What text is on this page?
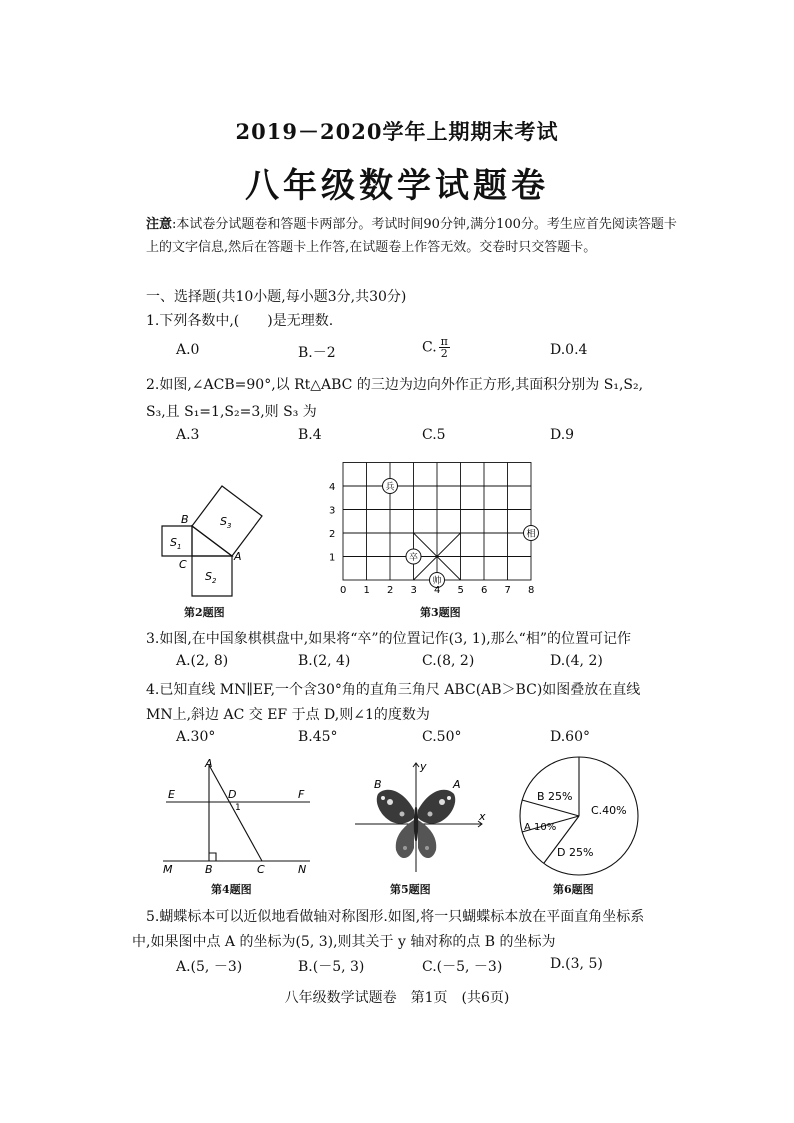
2019－2020学年上期期末考试
八年级数学试题卷
注意:本试卷分试题卷和答题卡两部分。考试时间90分钟,满分100分。考生应首先阅读答题卡上的文字信息,然后在答题卡上作答,在试题卷上作答无效。交卷时只交答题卡。
一、选择题(共10小题,每小题3分,共30分)
1.下列各数中,(　　)是无理数.
A.0	B.－2	C. $\frac{\pi}{2}$	D.0.4
2.如图,∠ACB=90°,以 Rt△ABC 的三边为边向外作正方形,其面积分别为 S₁,S₂,
S₃,且 S₁=1,S₂=3,则 S₃ 为
A.3	B.4	C.5	D.9
$S_1$
$S_2$
$S_3$
B
C
A
第2题图
兵
卒
帅
相
0 1 2 3 4 5 6 7 8
1
2
3
4
第3题图
3.如图,在中国象棋棋盘中,如果将“卒”的位置记作(3, 1),那么“相”的位置可记作
A.(2, 8)	B.(2, 4)	C.(8, 2)	D.(4, 2)
4.已知直线 MN∥EF,一个含30°角的直角三角尺 ABC(AB＞BC)如图叠放在直线
MN上,斜边 AC 交 EF 于点 D,则∠1的度数为
A.30°	B.45°	C.50°	D.60°
A
D
1
E	F
M	B	C	N
第4题图
B	A
x
y
第5题图
B 25%
C.40%
A 10%
D 25%
第6题图
5.蝴蝶标本可以近似地看做轴对称图形.如图,将一只蝴蝶标本放在平面直角坐标系
中,如果图中点 A 的坐标为(5, 3),则其关于 y 轴对称的点 B 的坐标为
A.(5, －3)	B.(－5, 3)	C.(－5, －3)	D.(3, 5)
八年级数学试题卷　第1页　(共6页)
